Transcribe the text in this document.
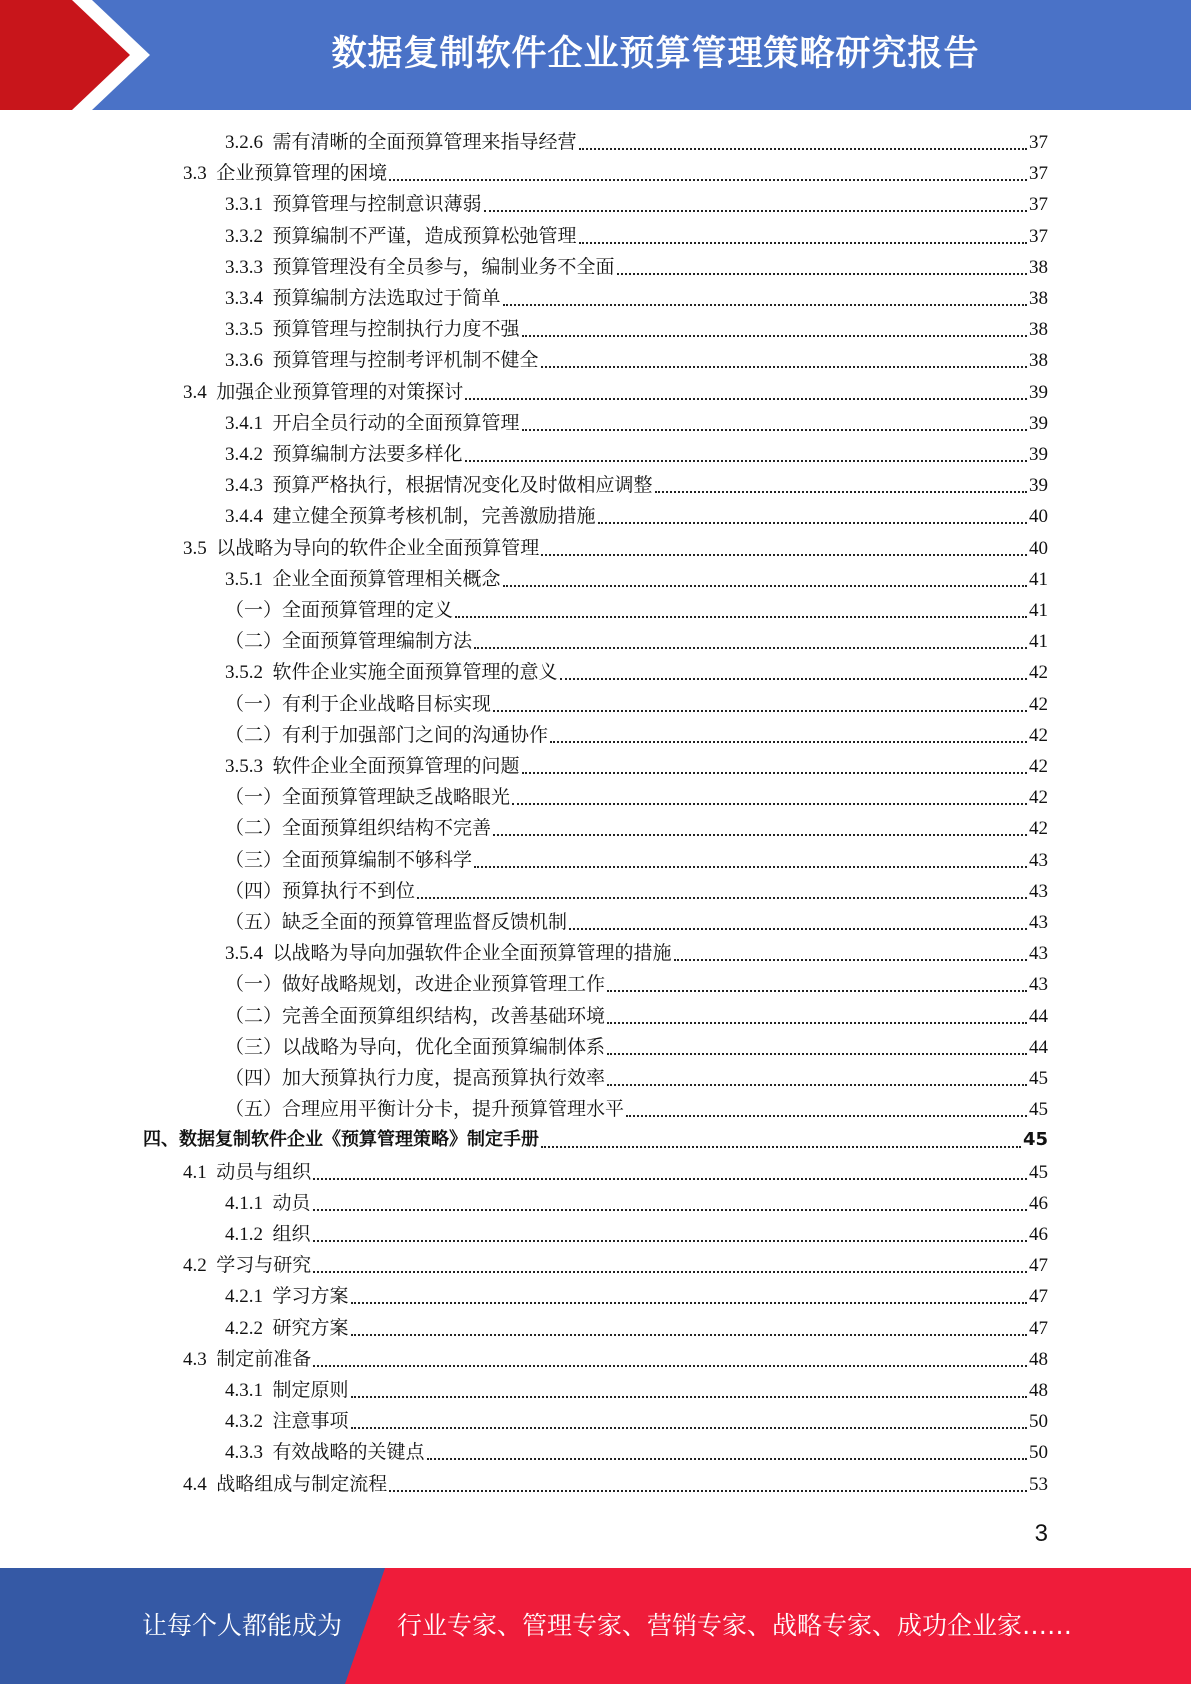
数据复制软件企业预算管理策略研究报告
3.2.6  需有清晰的全面预算管理来指导经营	37
3.3  企业预算管理的困境	37
3.3.1  预算管理与控制意识薄弱	37
3.3.2  预算编制不严谨，造成预算松弛管理	37
3.3.3  预算管理没有全员参与，编制业务不全面	38
3.3.4  预算编制方法选取过于简单	38
3.3.5  预算管理与控制执行力度不强	38
3.3.6  预算管理与控制考评机制不健全	38
3.4  加强企业预算管理的对策探讨	39
3.4.1  开启全员行动的全面预算管理	39
3.4.2  预算编制方法要多样化	39
3.4.3  预算严格执行，根据情况变化及时做相应调整	39
3.4.4  建立健全预算考核机制，完善激励措施	40
3.5  以战略为导向的软件企业全面预算管理	40
3.5.1  企业全面预算管理相关概念	41
（一）全面预算管理的定义	41
（二）全面预算管理编制方法	41
3.5.2  软件企业实施全面预算管理的意义	42
（一）有利于企业战略目标实现	42
（二）有利于加强部门之间的沟通协作	42
3.5.3  软件企业全面预算管理的问题	42
（一）全面预算管理缺乏战略眼光	42
（二）全面预算组织结构不完善	42
（三）全面预算编制不够科学	43
（四）预算执行不到位	43
（五）缺乏全面的预算管理监督反馈机制	43
3.5.4  以战略为导向加强软件企业全面预算管理的措施	43
（一）做好战略规划，改进企业预算管理工作	43
（二）完善全面预算组织结构，改善基础环境	44
（三）以战略为导向，优化全面预算编制体系	44
（四）加大预算执行力度，提高预算执行效率	45
（五）合理应用平衡计分卡，提升预算管理水平	45
四、数据复制软件企业《预算管理策略》制定手册	45
4.1  动员与组织	45
4.1.1  动员	46
4.1.2  组织	46
4.2  学习与研究	47
4.2.1  学习方案	47
4.2.2  研究方案	47
4.3  制定前准备	48
4.3.1  制定原则	48
4.3.2  注意事项	50
4.3.3  有效战略的关键点	50
4.4  战略组成与制定流程	53
3
让每个人都能成为 行业专家、管理专家、营销专家、战略专家、成功企业家……
